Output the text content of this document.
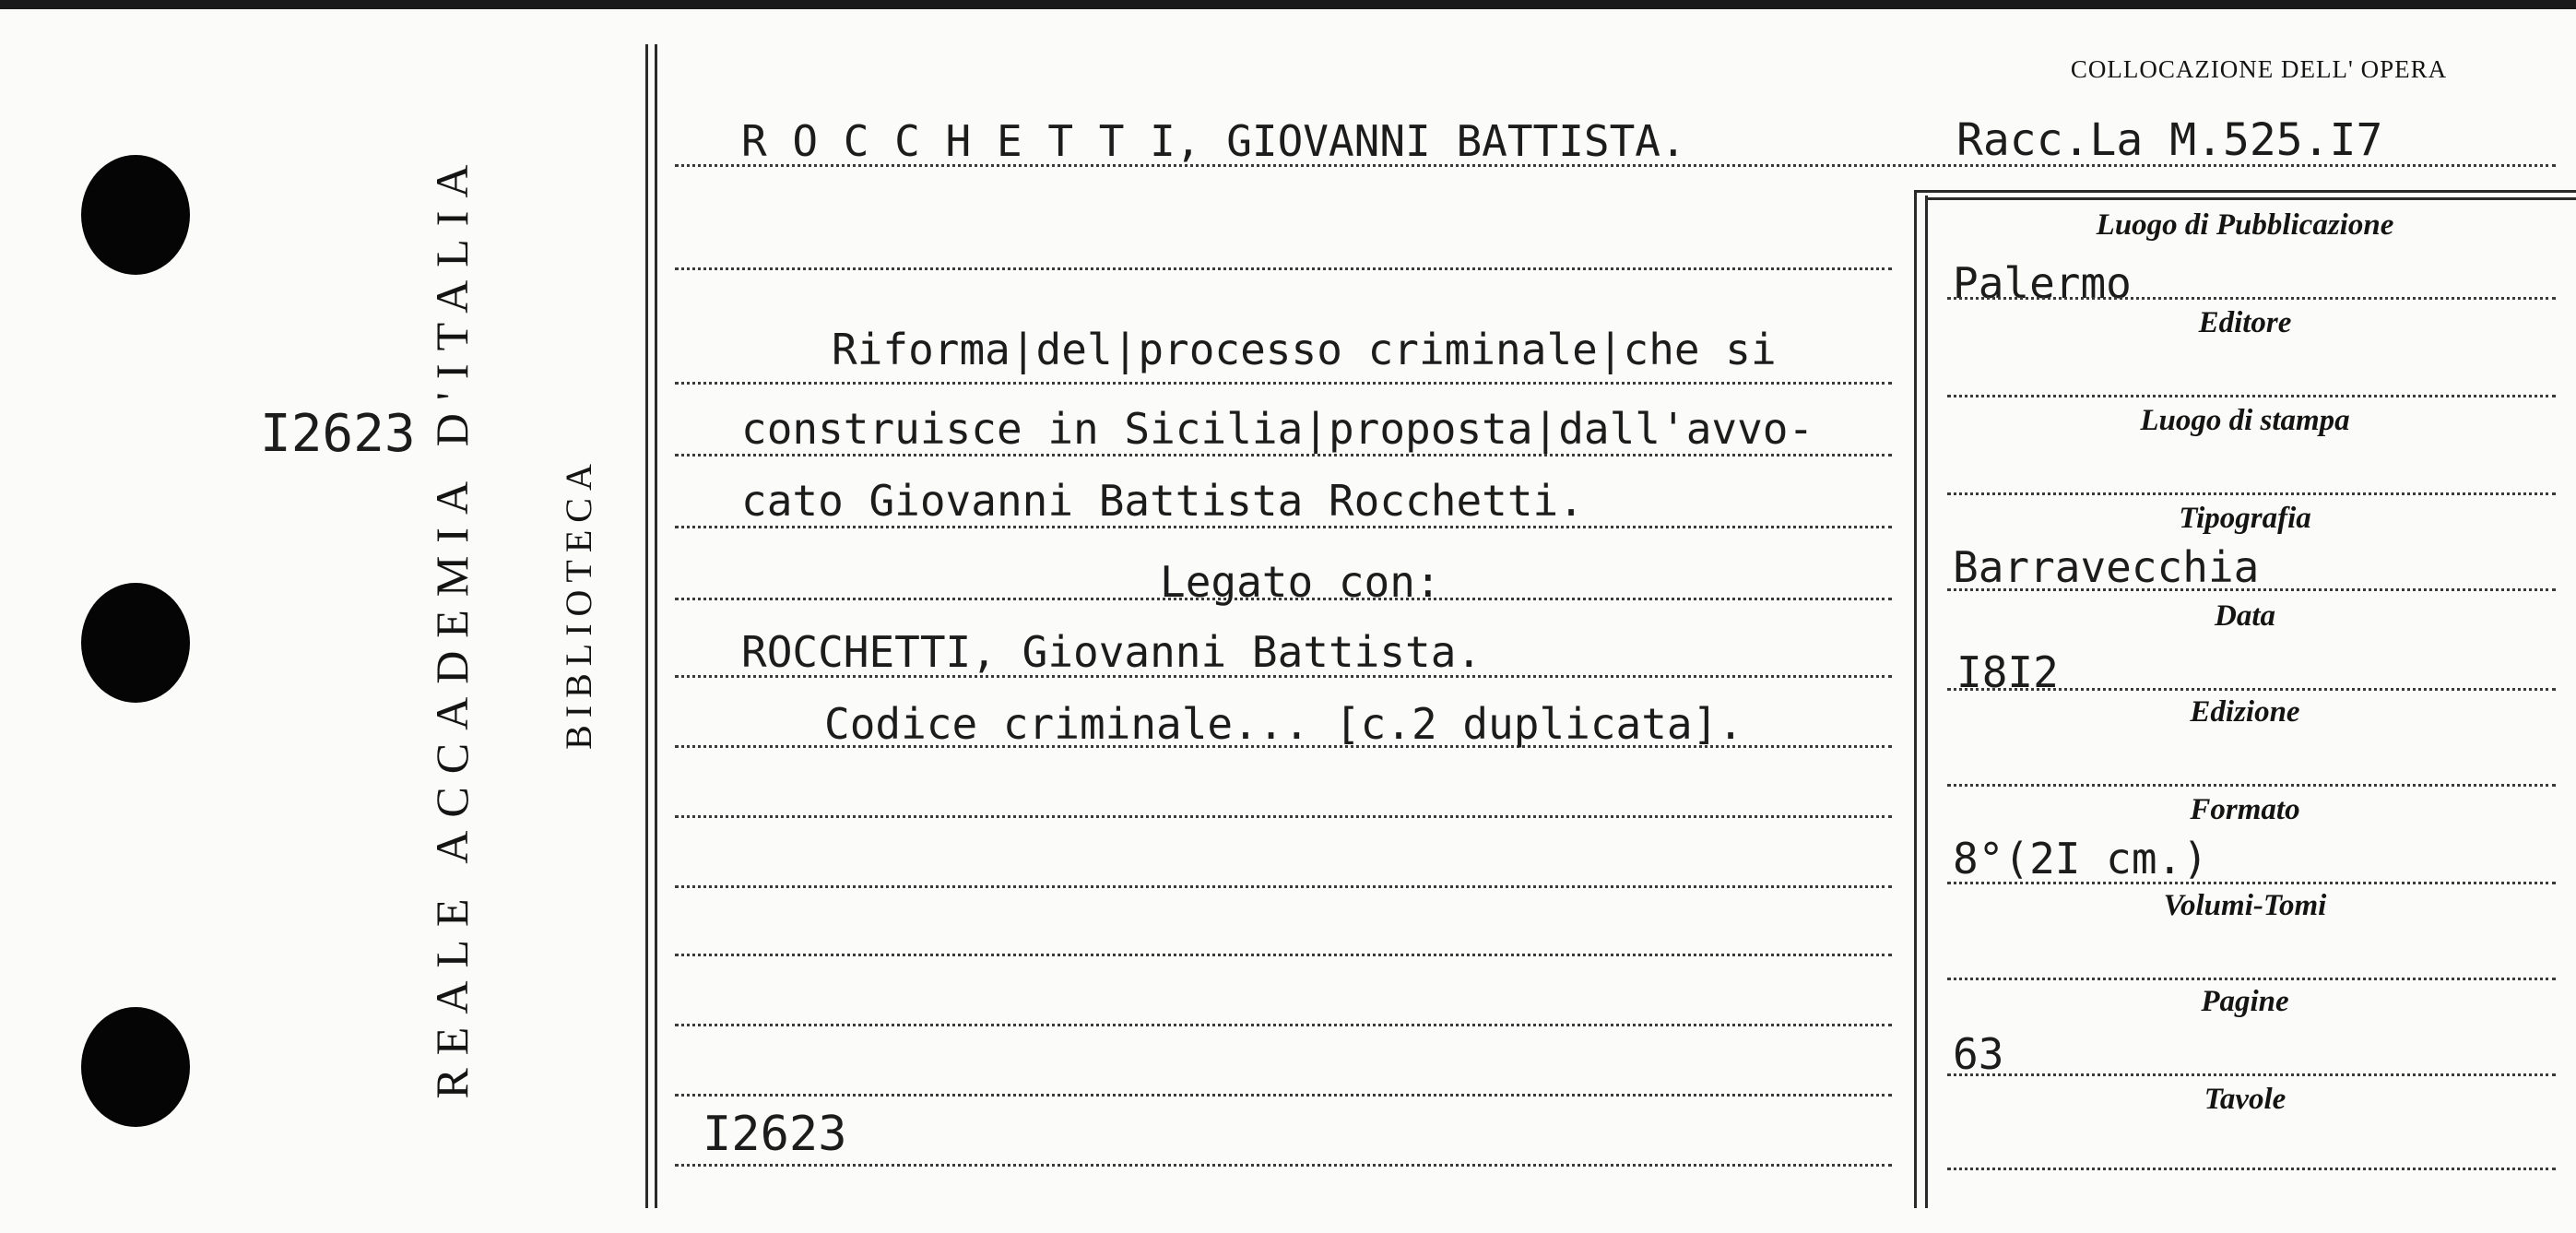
I2623 REALE ACCADEMIA D'ITALIA	BIBLIOTECA
R O C C H E T T I, GIOVANNI BATTISTA.
COLLOCAZIONE DELL' OPERA
Racc.La M.525.I7
Riforma|del|processo criminale|che si
construisce in Sicilia|proposta|dall'avvo-
cato Giovanni Battista Rocchetti.
Legato con:
ROCCHETTI, Giovanni Battista.
Codice criminale... [c.2 duplicata].
I2623
Luogo di Pubblicazione
Palermo
Editore
Luogo di stampa
Tipografia
Barravecchia
Data
I8I2
Edizione
Formato
8°(2I cm.)
Volumi-Tomi
Pagine
63
Tavole
